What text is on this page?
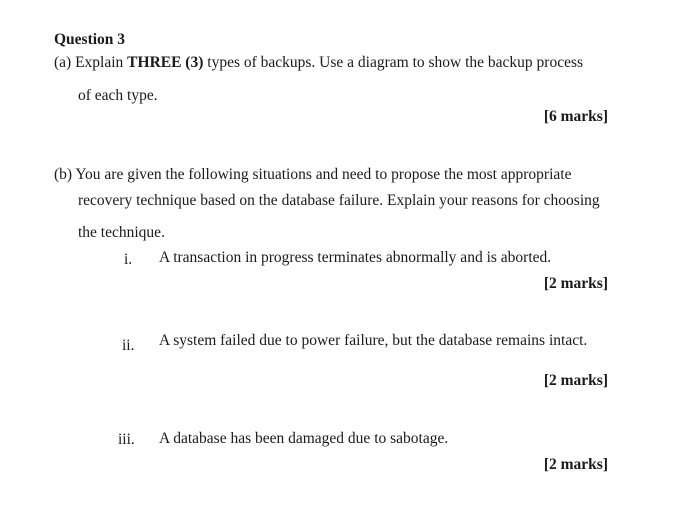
Question 3
(a) Explain THREE (3) types of backups. Use a diagram to show the backup process
of each type.
[6 marks]
(b) You are given the following situations and need to propose the most appropriate
recovery technique based on the database failure. Explain your reasons for choosing
the technique.
i. A transaction in progress terminates abnormally and is aborted.
[2 marks]
ii. A system failed due to power failure, but the database remains intact.
[2 marks]
iii. A database has been damaged due to sabotage.
[2 marks]
